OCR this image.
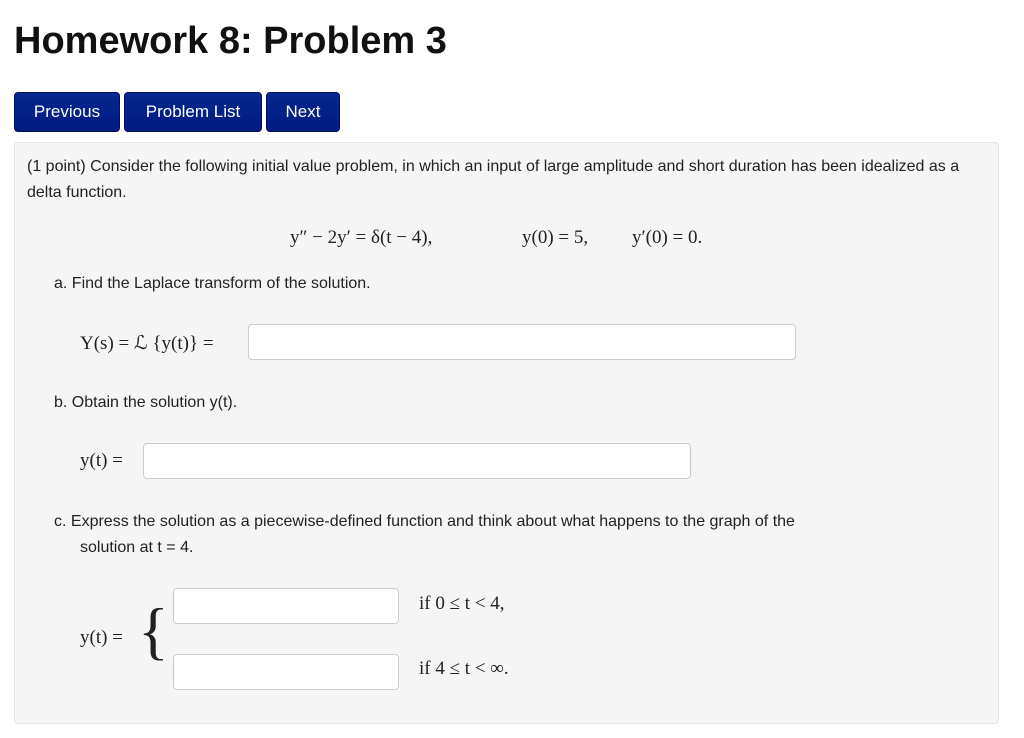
Homework 8: Problem 3
Previous	Problem List	Next
(1 point) Consider the following initial value problem, in which an input of large amplitude and short duration has been idealized as a delta function.
y″ − 2y′ = δ(t − 4),	y(0) = 5, y′(0) = 0.
a. Find the Laplace transform of the solution.
Y(s) = ℒ {y(t)} =
b. Obtain the solution y(t).
y(t) =
c. Express the solution as a piecewise-defined function and think about what happens to the graph of the
solution at t = 4.
y(t) = {	if 0 ≤ t < 4,
if 4 ≤ t < ∞.
